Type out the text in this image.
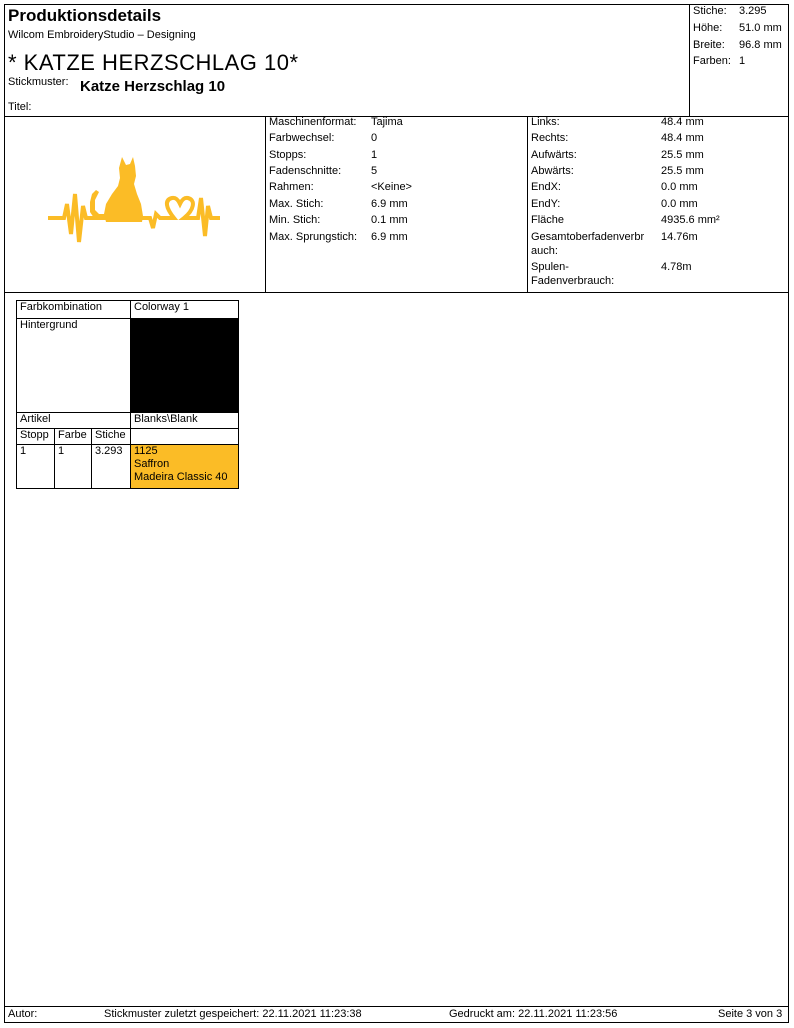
Produktionsdetails
Wilcom EmbroideryStudio – Designing
* KATZE HERZSCHLAG 10*
Stickmuster: Katze Herzschlag 10
Titel:
Stiche: 3.295
Höhe: 51.0 mm
Breite: 96.8 mm
Farben: 1
Maschinenformat: Tajima
Farbwechsel:	0
Stopps:	1
Fadenschnitte:	5
Rahmen:	<Keine>
Max. Stich:	6.9 mm
Min. Stich:	0.1 mm
Max. Sprungstich: 6.9 mm
Links:	48.4 mm
Rechts:	48.4 mm
Aufwärts:	25.5 mm
Abwärts:	25.5 mm
EndX:	0.0 mm
EndY:	0.0 mm
Fläche	4935.6 mm²
Gesamtoberfadenverbr
auch:
14.76m
Spulen-
Fadenverbrauch:
4.78m
Farbkombination			Colorway 1
Hintergrund			
Artikel			Blanks\Blank
Stopp	Farbe	Stiche	
1	1	3.293	1125
Saffron
Madeira Classic 40
Autor:	Stickmuster zuletzt gespeichert: 22.11.2021 11:23:38	Gedruckt am: 22.11.2021 11:23:56	Seite 3 von 3
